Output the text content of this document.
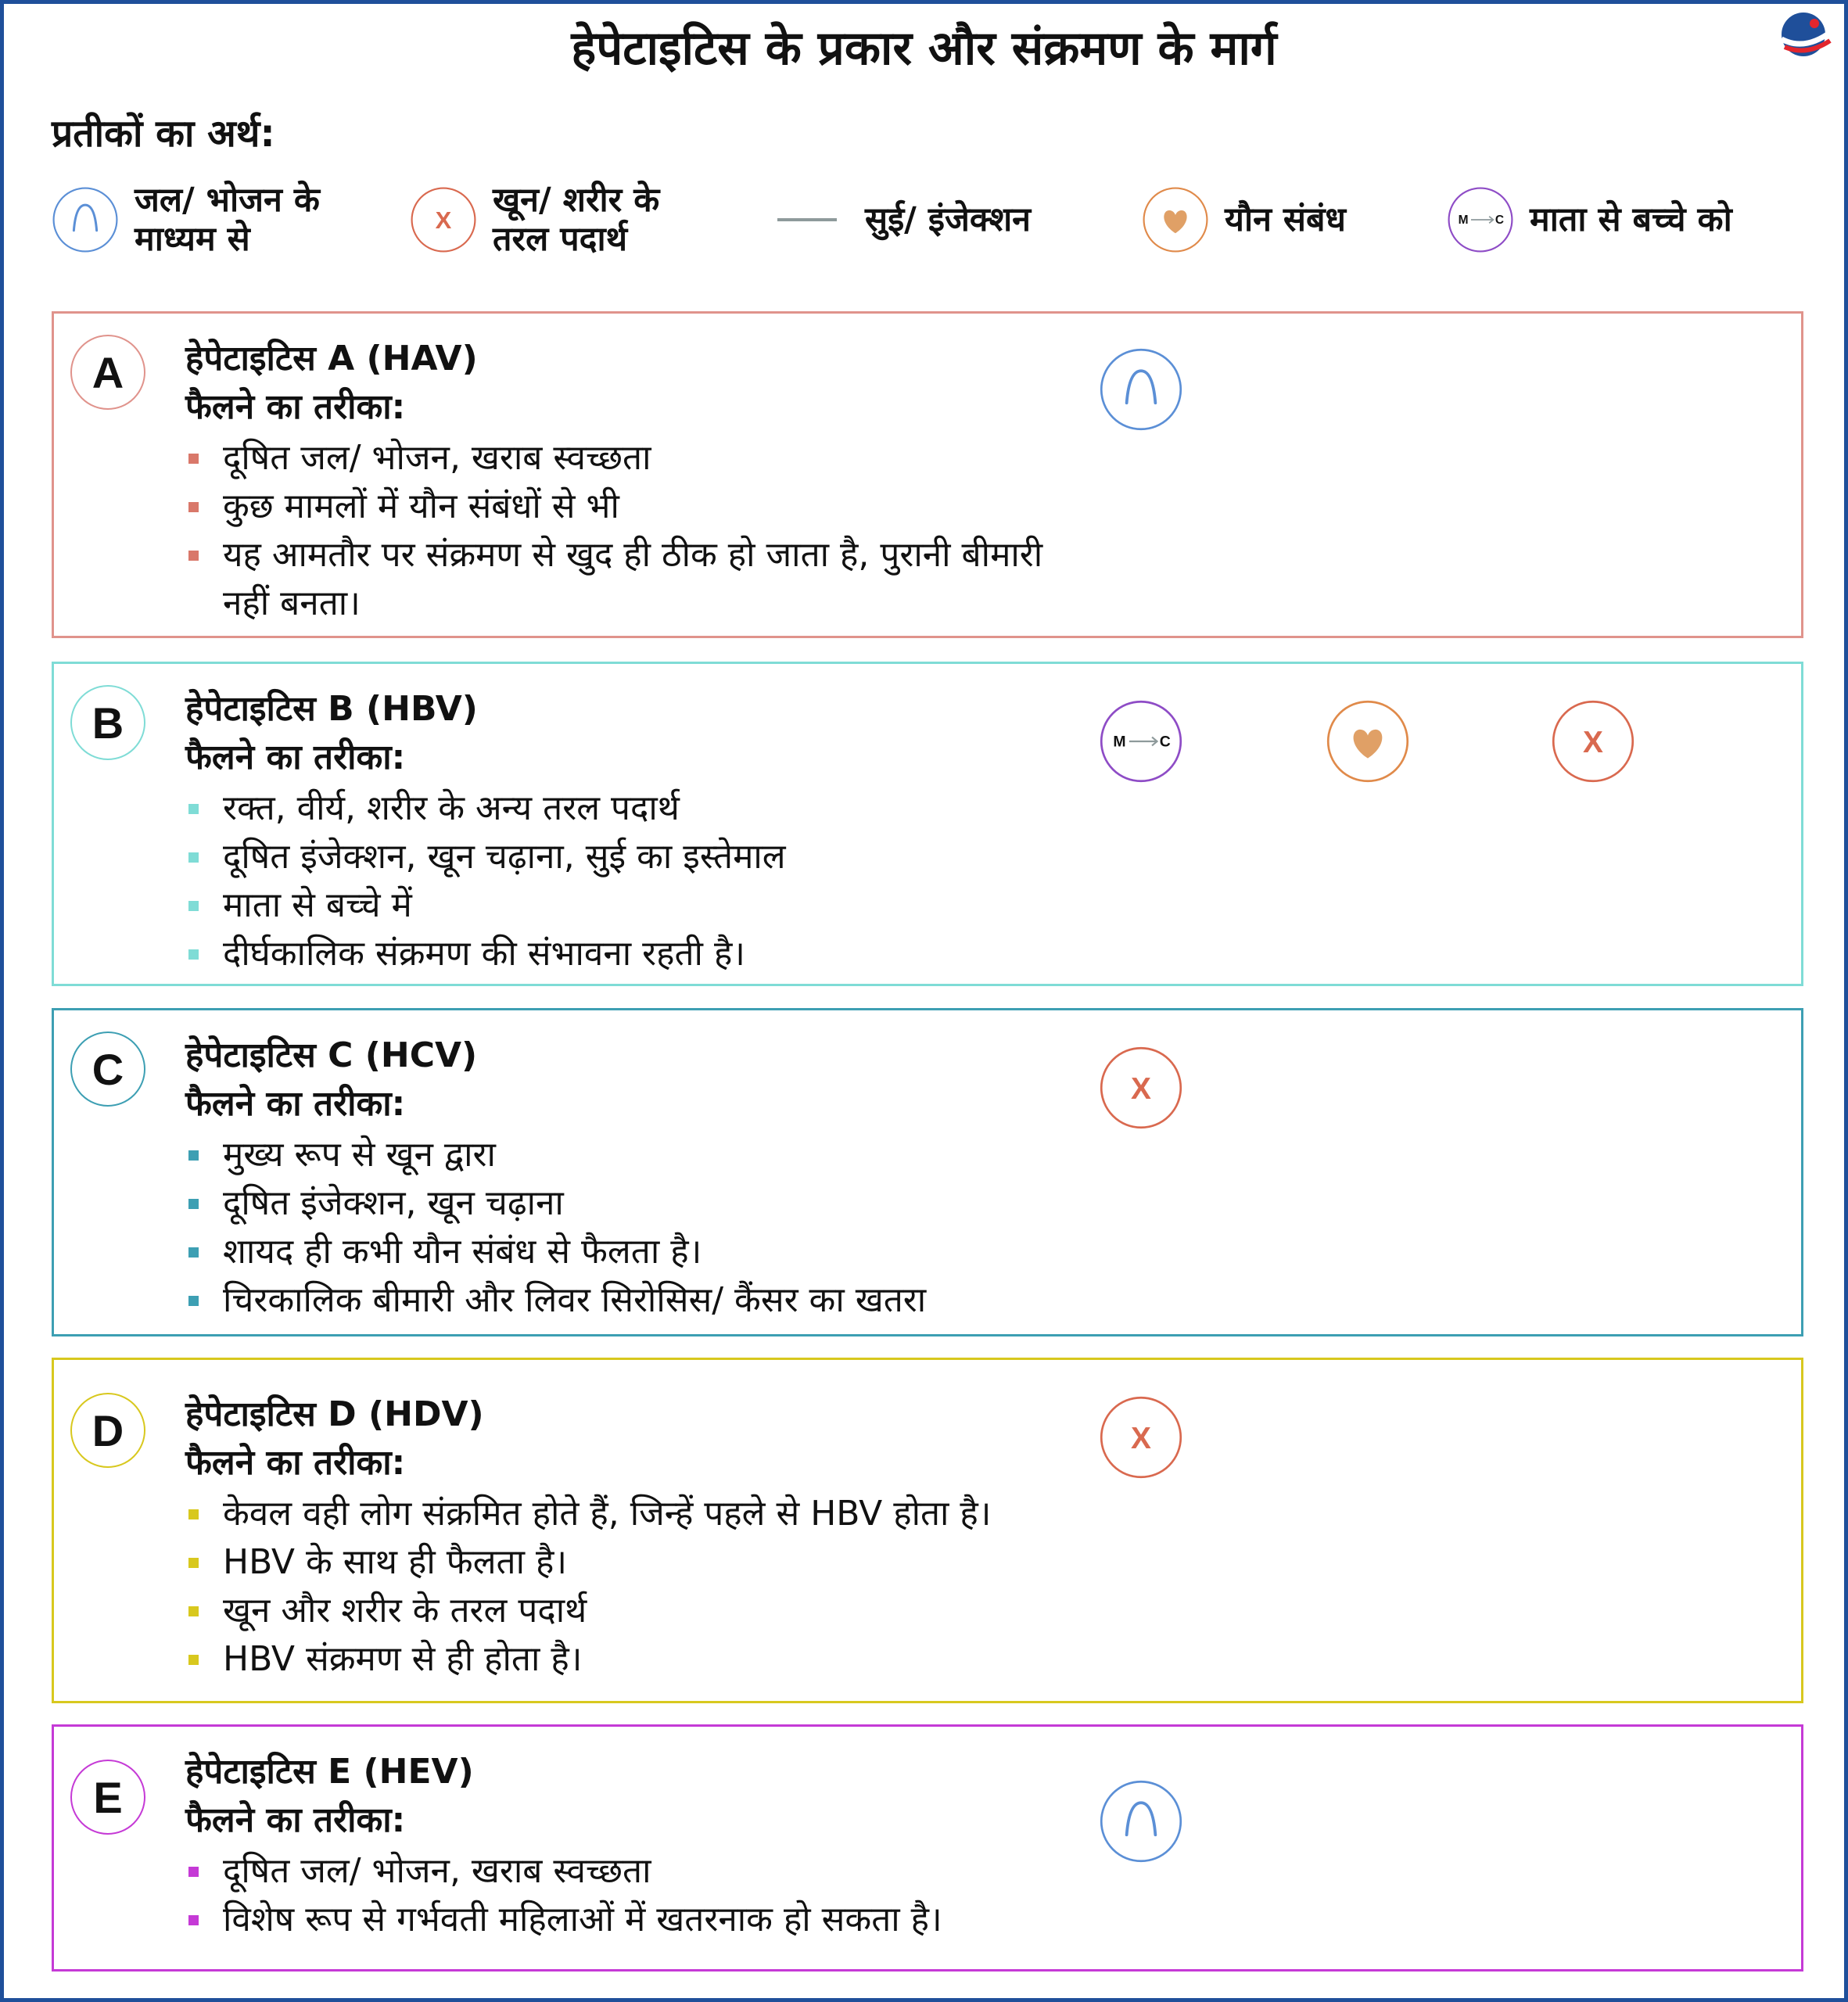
हेपेटाइटिस के प्रकार और संक्रमण के मार्ग
प्रतीकों का अर्थ:
जल/ भोजन के
माध्यम से	X
खून/ शरीर के
तरल पदार्थ	सुई/ इंजेक्शन	यौन संबंध	M C माता से बच्चे को
A	हेपेटाइटिस A (HAV)
फैलने का तरीका:
दूषित जल/ भोजन, खराब स्वच्छता
कुछ मामलों में यौन संबंधों से भी
यह आमतौर पर संक्रमण से खुद ही ठीक हो जाता है, पुरानी बीमारी नहीं बनता।
B	हेपेटाइटिस B (HBV)
फैलने का तरीका:
रक्त, वीर्य, शरीर के अन्य तरल पदार्थ
दूषित इंजेक्शन, खून चढ़ाना, सुई का इस्तेमाल
माता से बच्चे में
दीर्घकालिक संक्रमण की संभावना रहती है।
M C	X
C	हेपेटाइटिस C (HCV)
फैलने का तरीका:
मुख्य रूप से खून द्वारा
दूषित इंजेक्शन, खून चढ़ाना
शायद ही कभी यौन संबंध से फैलता है।
चिरकालिक बीमारी और लिवर सिरोसिस/ कैंसर का खतरा
X
D	हेपेटाइटिस D (HDV)
फैलने का तरीका:
केवल वही लोग संक्रमित होते हैं, जिन्हें पहले से HBV होता है।
HBV के साथ ही फैलता है।
खून और शरीर के तरल पदार्थ
HBV संक्रमण से ही होता है।
X
E
हेपेटाइटिस E (HEV)
फैलने का तरीका:
दूषित जल/ भोजन, खराब स्वच्छता
विशेष रूप से गर्भवती महिलाओं में खतरनाक हो सकता है।
